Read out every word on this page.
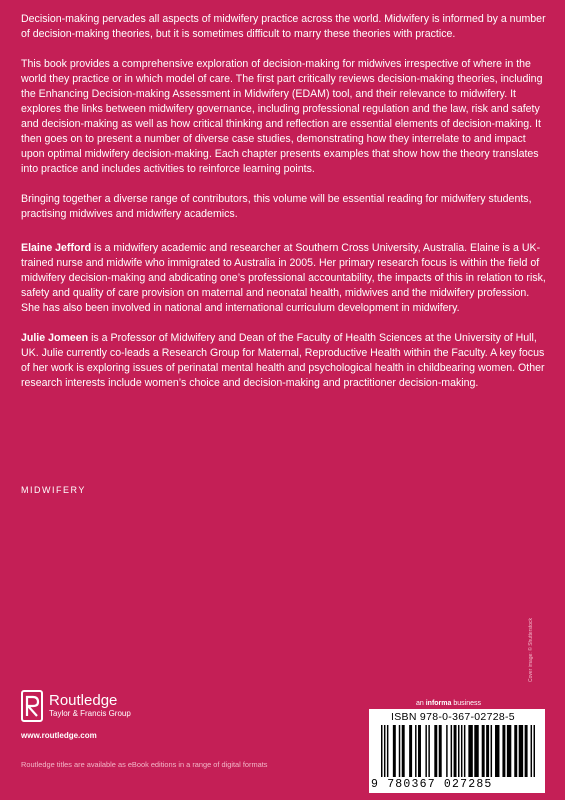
Decision-making pervades all aspects of midwifery practice across the world. Midwifery is informed by a number of decision-making theories, but it is sometimes difficult to marry these theories with practice.

This book provides a comprehensive exploration of decision-making for midwives irrespective of where in the world they practice or in which model of care. The first part critically reviews decision-making theories, including the Enhancing Decision-making Assessment in Midwifery (EDAM) tool, and their relevance to midwifery. It explores the links between midwifery governance, including professional regulation and the law, risk and safety and decision-making as well as how critical thinking and reflection are essential elements of decision-making. It then goes on to present a number of diverse case studies, demonstrating how they interrelate to and impact upon optimal midwifery decision-making. Each chapter presents examples that show how the theory translates into practice and includes activities to reinforce learning points.

Bringing together a diverse range of contributors, this volume will be essential reading for midwifery students, practising midwives and midwifery academics.

Elaine Jefford is a midwifery academic and researcher at Southern Cross University, Australia. Elaine is a UK-trained nurse and midwife who immigrated to Australia in 2005. Her primary research focus is within the field of midwifery decision-making and abdicating one’s professional accountability, the impacts of this in relation to risk, safety and quality of care provision on maternal and neonatal health, midwives and the midwifery profession. She has also been involved in national and international curriculum development in midwifery.

Julie Jomeen is a Professor of Midwifery and Dean of the Faculty of Health Sciences at the University of Hull, UK. Julie currently co-leads a Research Group for Maternal, Reproductive Health within the Faculty. A key focus of her work is exploring issues of perinatal mental health and psychological health in childbearing women. Other research interests include women’s choice and decision-making and practitioner decision-making.

MIDWIFERY
Cover image: © Shutterstock
Routledge
Taylor & Francis Group
www.routledge.com
Routledge titles are available as eBook editions in a range of digital formats
an informa business
ISBN 978-0-367-02728-5
9 780367 027285
